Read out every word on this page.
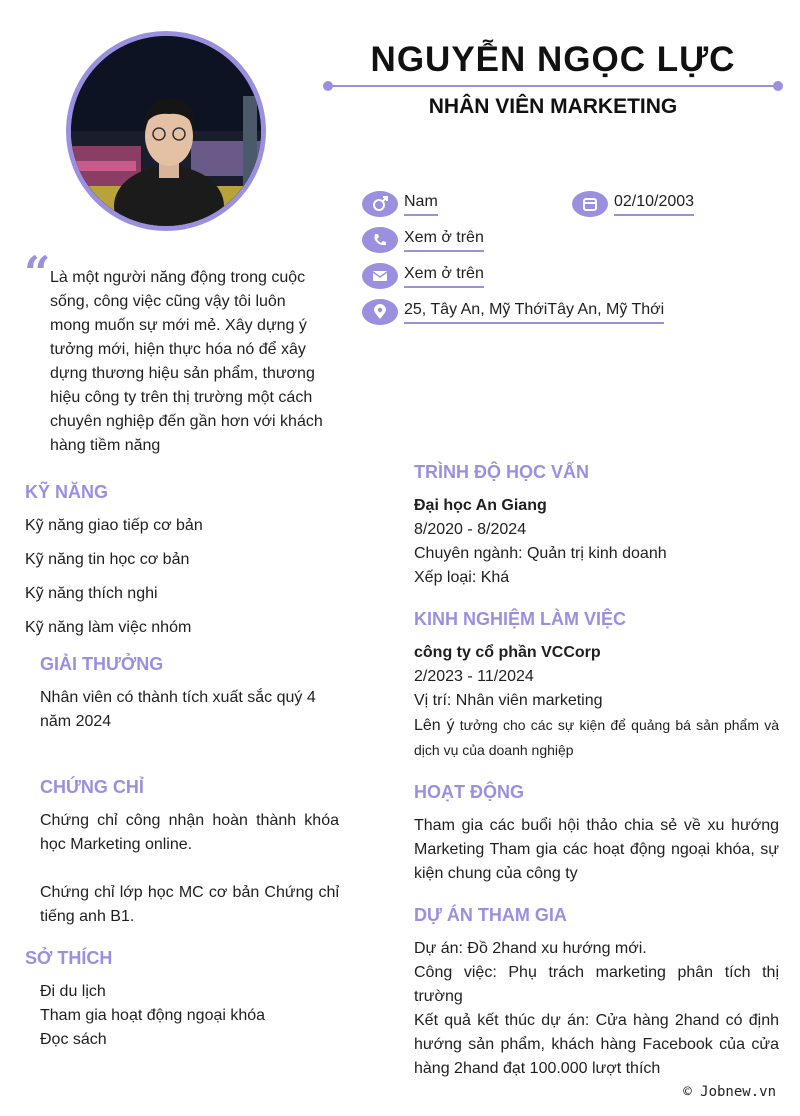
NGUYỄN NGỌC LỰC
NHÂN VIÊN MARKETING
Nam	02/10/2003
Xem ở trên
Xem ở trên
25, Tây An, Mỹ ThớiTây An, Mỹ Thới
“ Là một người năng động trong cuộc sống, công việc cũng vậy tôi luôn mong muốn sự mới mẻ. Xây dựng ý tưởng mới, hiện thực hóa nó để xây dựng thương hiệu sản phẩm, thương hiệu công ty trên thị trường một cách chuyên nghiệp đến gần hơn với khách hàng tiềm năng
KỸ NĂNG
Kỹ năng giao tiếp cơ bản
Kỹ năng tin học cơ bản
Kỹ năng thích nghi
Kỹ năng làm việc nhóm
GIẢI THƯỞNG
Nhân viên có thành tích xuất sắc quý 4 năm 2024
CHỨNG CHỈ
Chứng chỉ công nhận hoàn thành khóa học Marketing online.
Chứng chỉ lớp học MC cơ bản Chứng chỉ tiếng anh B1.
SỞ THÍCH
Đi du lịch
Tham gia hoạt động ngoại khóa
Đọc sách
TRÌNH ĐỘ HỌC VẤN
Đại học An Giang
8/2020 - 8/2024
Chuyên ngành: Quản trị kinh doanh
Xếp loại: Khá
KINH NGHIỆM LÀM VIỆC
công ty cổ phần VCCorp
2/2023 - 11/2024
Vị trí: Nhân viên marketing
Lên ý tưởng cho các sự kiện để quảng bá sản phẩm và dịch vụ của doanh nghiệp
HOẠT ĐỘNG
Tham gia các buổi hội thảo chia sẻ về xu hướng Marketing Tham gia các hoạt động ngoại khóa, sự kiện chung của công ty
DỰ ÁN THAM GIA
Dự án: Đồ 2hand xu hướng mới.
Công việc: Phụ trách marketing phân tích thị trường
Kết quả kết thúc dự án: Cửa hàng 2hand có định hướng sản phẩm, khách hàng Facebook của cửa hàng 2hand đạt 100.000 lượt thích
© Jobnew.vn
